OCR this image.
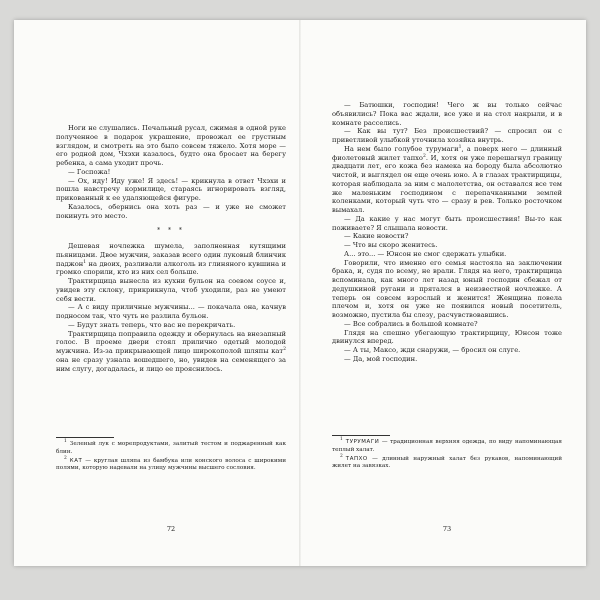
Ноги не слушались. Печальный русал, сжимая в одной руке полученное в подарок украшение, провожал ее грустным взглядом, и смотреть на это было совсем тяжело. Хотя море — его родной дом, Чхэхи казалось, будто она бросает на берегу ребенка, а сама уходит прочь.

— Госпожа!

— Ох, иду! Иду уже! Я здесь! — крикнула в ответ Чхэхи и пошла навстречу кормилице, стараясь игнорировать взгляд, прикованный к ее удаляющейся фигуре.

Казалось, обернись она хоть раз — и уже не сможет покинуть это место.

* * *

Дешевая ночлежка шумела, заполненная кутящими пьяницами. Двое мужчин, заказав всего один луковый блинчик паджон$^1$ на двоих, разливали алкоголь из глиняного кувшина и громко спорили, кто из них сел больше.

Трактирщица вынесла из кухни бульон на соевом соусе и, увидев эту склоку, прикрикнула, чтоб уходили, раз не умеют себя вести.

— А с виду приличные мужчины... — покачала она, качнув подносом так, что чуть не разлила бульон.

— Будут знать теперь, что вас не перекричать.

Трактирщица поправила одежду и обернулась на внезапный голос. В проеме двери стоял прилично одетый молодой мужчина. Из-за прикрывающей лицо широкополой шляпы кат$^2$ она не сразу узнала вошедшего, но, увидев на семенящего за ним слугу, догадалась, и лицо ее прояснилось.

$^1$ Зеленый лук с морепродуктами, залитый тестом и поджаренный как блин.

$^2$ КАТ — круглая шляпа из бамбука или конского волоса с широкими полями, которую надевали на улицу мужчины высшего сословия.

72

— Батюшки, господин! Чего ж вы только сейчас объявились? Пока вас ждали, все уже и на стол накрыли, и в комнате расселись.

— Как вы тут? Без происшествий? — спросил он с приветливой улыбкой уточнила хозяйка внутрь.

На нем было голубое турумаги$^1$, а поверх него — длинный фиолетовый жилет тапхо$^2$. И, хотя он уже перешагнул границу двадцати лет, его кожа без намека на бороду была абсолютно чистой, и выглядел он еще очень юно. А в глазах трактирщицы, которая наблюдала за ним с малолетства, он оставался все тем же маленьким господином с перепачканными землей коленками, который чуть что — сразу в рев. Только росточком вымахал.

— Да какие у нас могут быть происшествия! Вы-то как поживаете? Я слышала новости.

— Какие новости?

— Что вы скоро женитесь.

А... это... — Юнсон не смог сдержать улыбки.

Говорили, что именно его семья настояла на заключении брака, и, судя по всему, не врали. Глядя на него, трактирщица вспоминала, как много лет назад юный господин сбежал от дедушкиной ругани и прятался в неизвестной ночлежке. А теперь он совсем взрослый и женится! Женщина повела плечом и, хотя он уже не появился новый посетитель, возможно, пустила бы слезу, расчувствовавшись.

— Все собрались в большой комнате?

Глядя на спешно убегающую трактирщицу, Юнсон тоже двинулся вперед.

— А ты, Максо, жди снаружи, — бросил он слуге.

— Да, мой господин.

$^1$ ТУРУМАГИ — традиционная верхняя одежда, по виду напоминающая теплый халат.

$^2$ ТАПХО — длинный наружный халат без рукавов, напоминающий жилет на завязках.

73
